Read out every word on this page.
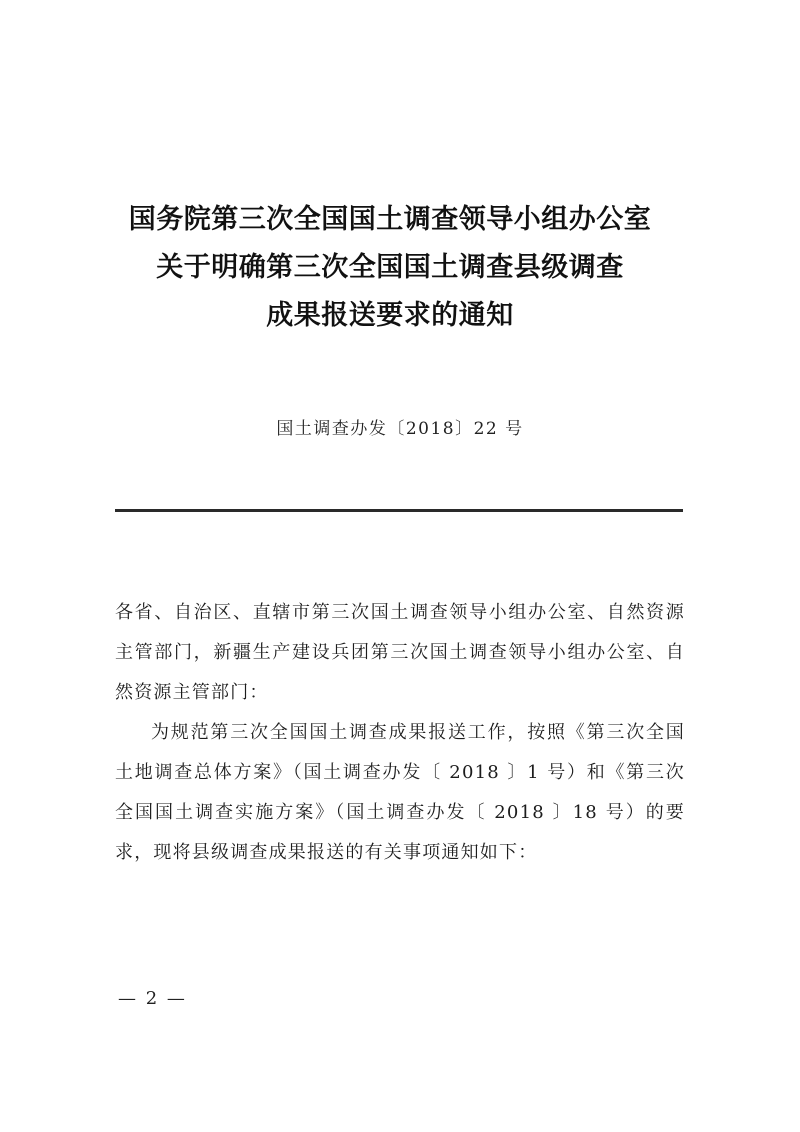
国务院第三次全国国土调查领导小组办公室
关于明确第三次全国国土调查县级调查
成果报送要求的通知
国土调查办发〔2018〕22 号

各省、自治区、直辖市第三次国土调查领导小组办公室、自然资源主管部门，新疆生产建设兵团第三次国土调查领导小组办公室、自然资源主管部门：

为规范第三次全国国土调查成果报送工作，按照《第三次全国土地调查总体方案》（国土调查办发〔 2018 〕1 号）和《第三次全国国土调查实施方案》（国土调查办发〔 2018 〕18 号）的要求，现将县级调查成果报送的有关事项通知如下：

— 2 —
